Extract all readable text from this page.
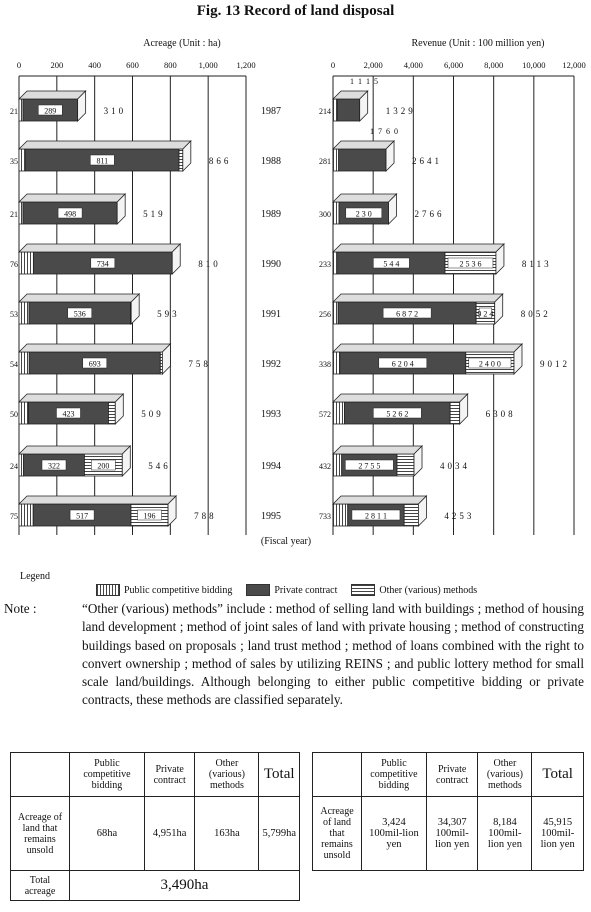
Fig. 13 Record of land disposal
Acreage (Unit : ha)
0	200	400	600	800	1,000 1,200
289	310
21
811	866
35
498	519
21
734	810
76
536	593
53
693	758
54
423	509
50
322	200	546
24
517	196	788
75
Revenue (Unit : 100 million yen)
0	2,000 4,000 6,000 8,000 10,000 12,000
1329
214
2641
281
2 3 0	2766
300
5 4 4	2 5 3 6	8113
233
6 8 7 2	9 2 4	8052
256
6 2 0 4	2 4 0 0	9012
338
5 2 6 2	6308
572
2 7 5 5	4034
432
2 8 1 1	4253
733
1 1 1 5
1 7 6 0
1987
1988
1989
1990
1991
1992
1993
1994
1995
(Fiscal year)
Legend
Public competitive bidding	Private contract	Other (various) methods
Note :	“Other (various) methods” include : method of selling land with buildings ; method of housing land development ; method of joint sales of land with private housing ; method of constructing buildings based on proposals ; land trust method ; method of loans combined with the right to convert ownership ; method of sales by utilizing REINS ; and public lottery method for small scale land/buildings. Although belonging to either public competitive bidding or private contracts, these methods are classified separately.
	Public competitive bidding	Private contract	Other (various) methods	Total
Acreage of land that remains unsold	68ha	4,951ha	163ha	5,799ha
Total acreage	3,490ha			
	Public competitive bidding	Private contract	Other (various) methods	Total
Acreage of land that remains unsold	3,424 100mil-lion yen	34,307 100mil-lion yen	8,184 100mil-lion yen	45,915 100mil-lion yen
